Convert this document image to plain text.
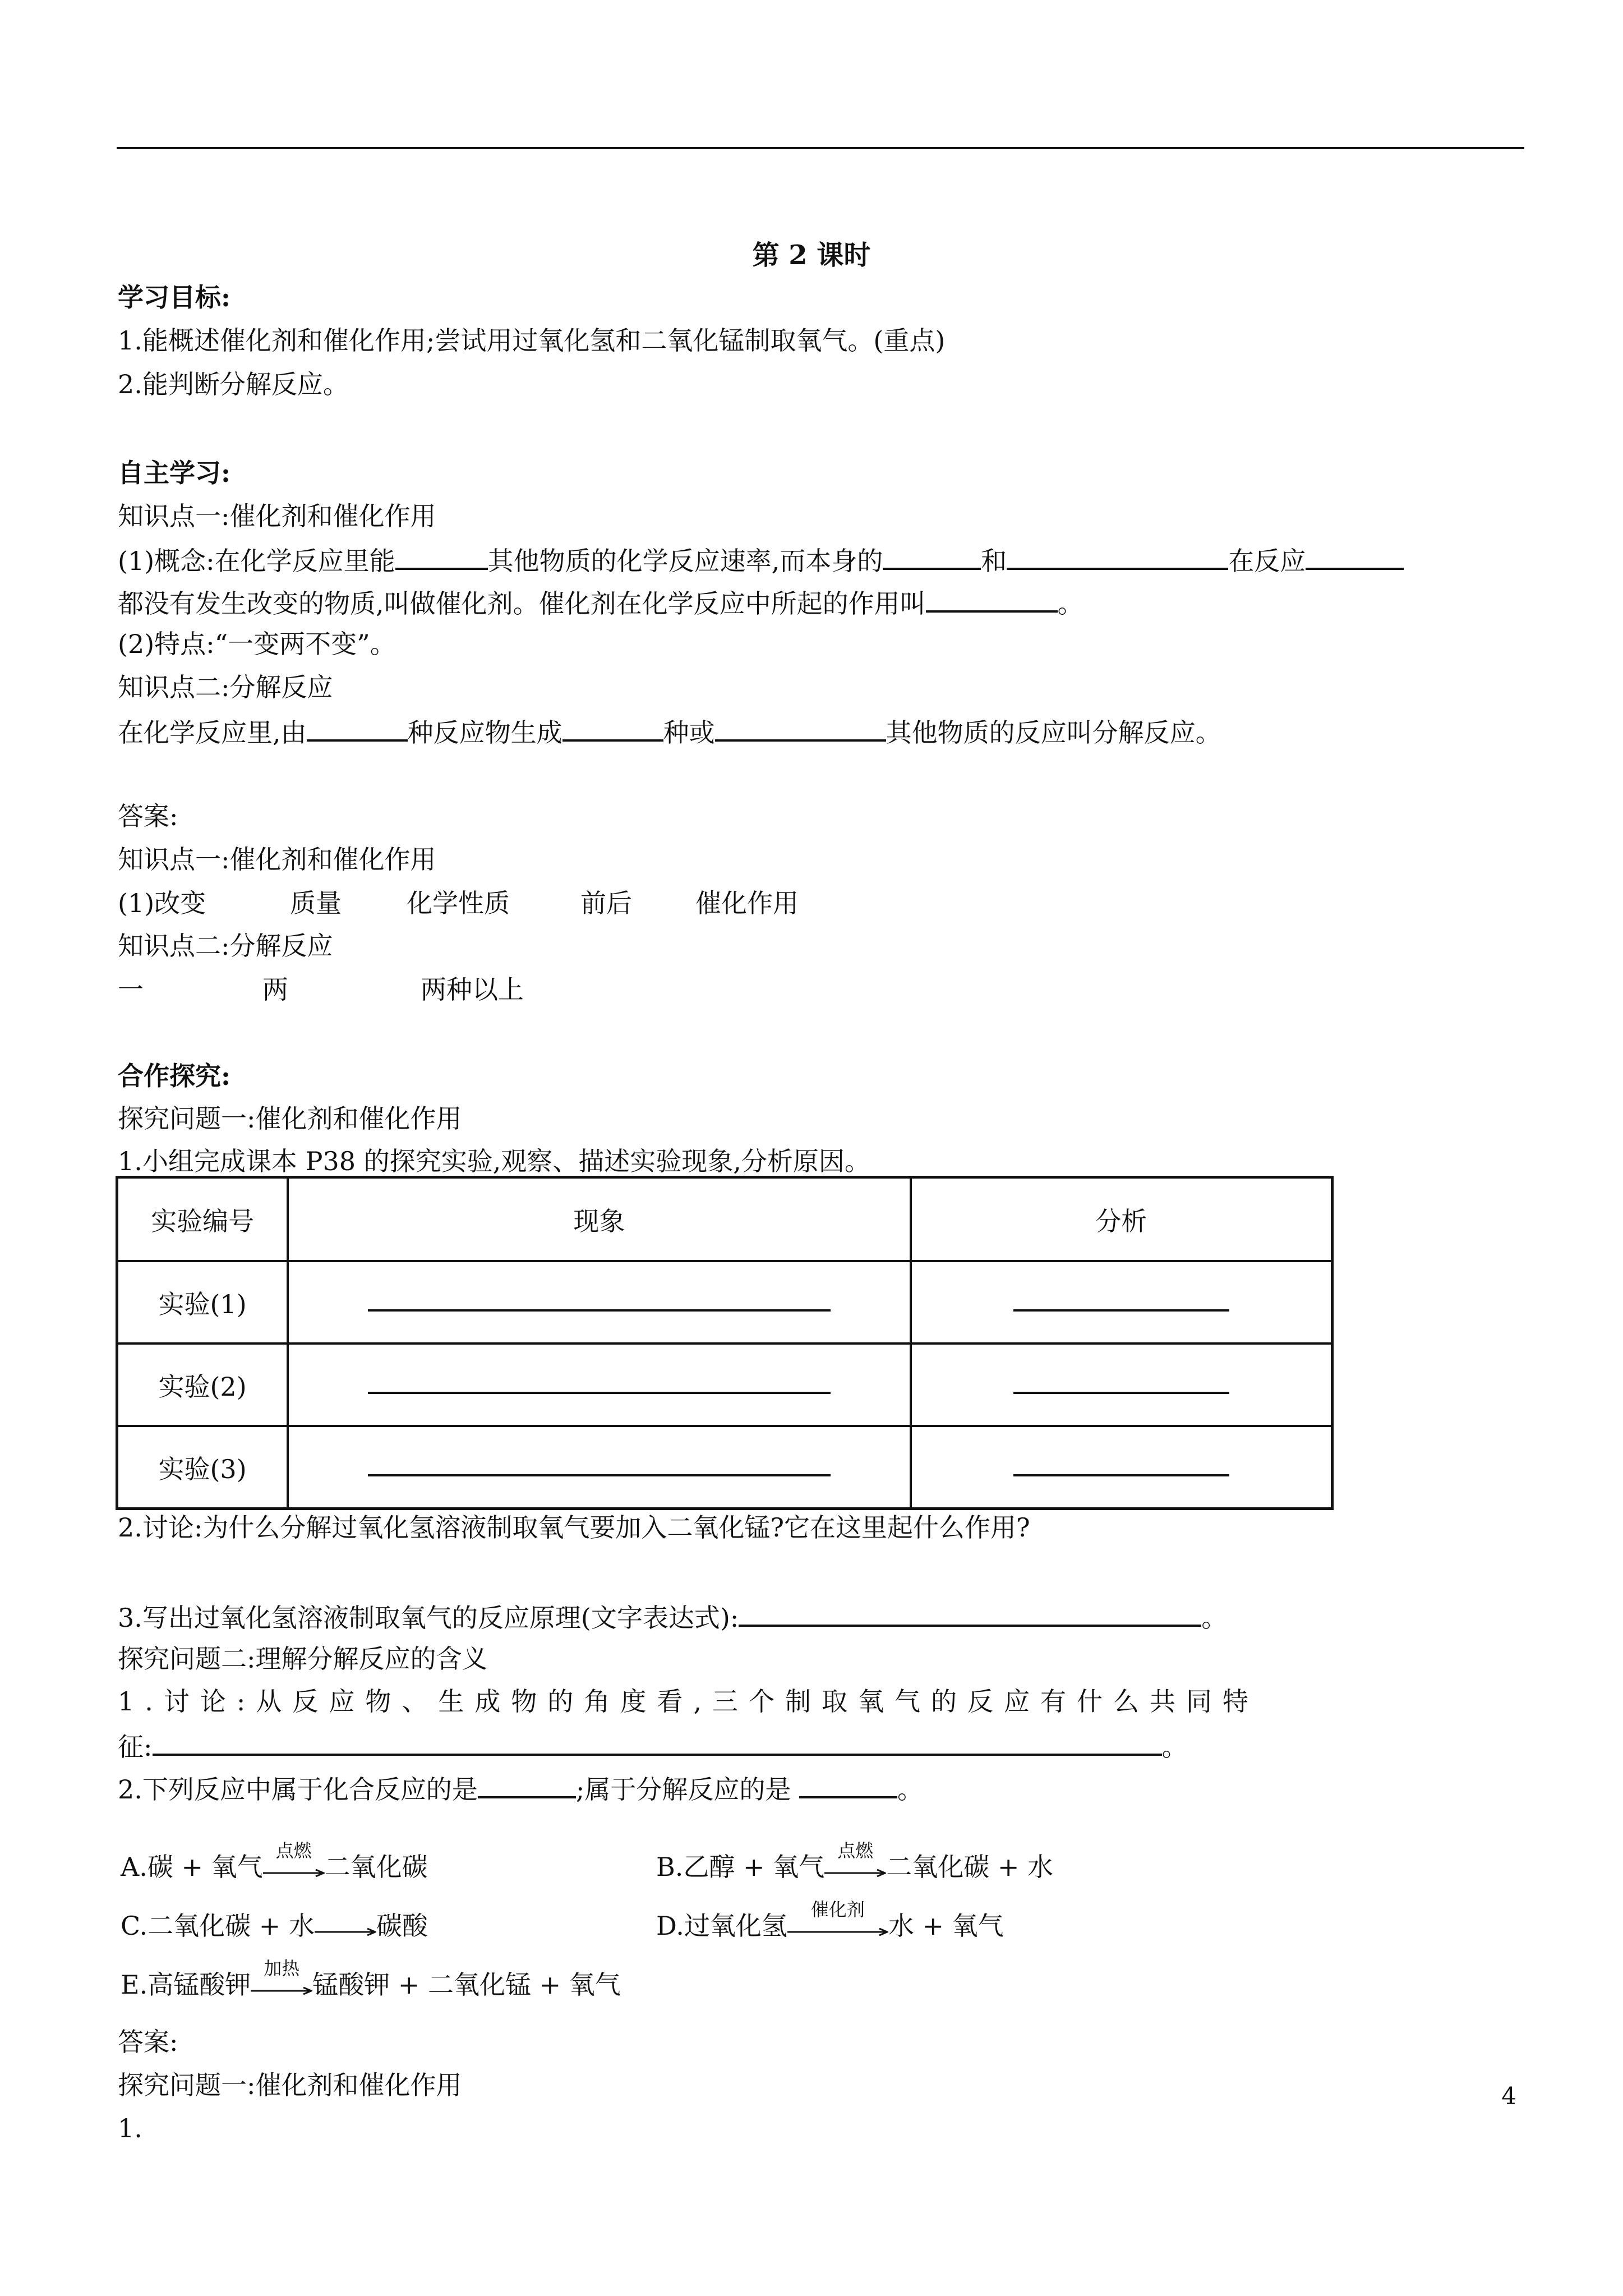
第 2 课时
学习目标:
1.能概述催化剂和催化作用;尝试用过氧化氢和二氧化锰制取氧气。(重点)
2.能判断分解反应。
自主学习:
知识点一:催化剂和催化作用
(1)概念:在化学反应里能	其他物质的化学反应速率,而本身的	和	在反应
都没有发生改变的物质,叫做催化剂。催化剂在化学反应中所起的作用叫	。
(2)特点:“一变两不变”。
知识点二:分解反应
在化学反应里,由	种反应物生成	种或	其他物质的反应叫分解反应。
答案:
知识点一:催化剂和催化作用
(1)改变	质量	化学性质	前后 催化作用
知识点二:分解反应
一	两	两种以上
合作探究:
探究问题一:催化剂和催化作用
1.小组完成课本 P38 的探究实验,观察、描述实验现象,分析原因。
实验编号	现象	分析
实验(1)		
实验(2)		
实验(3)		
2.讨论:为什么分解过氧化氢溶液制取氧气要加入二氧化锰?它在这里起什么作用?
3.写出过氧化氢溶液制取氧气的反应原理(文字表达式):	。
探究问题二:理解分解反应的含义
1.讨论:从反应物、生成物的角度看,三个制取氧气的反应有什么共同特
征:	。
2.下列反应中属于化合反应的是	;属于分解反应的是	。
A.碳 + 氧气
点燃
二氧化碳	B.乙醇 + 氧气
点燃
二氧化碳 + 水
C.二氧化碳 + 水→碳酸	D.过氧化氢
催化剂
水 + 氧气
E.高锰酸钾
加热
锰酸钾 + 二氧化锰 + 氧气
答案:
探究问题一:催化剂和催化作用
1.
4
